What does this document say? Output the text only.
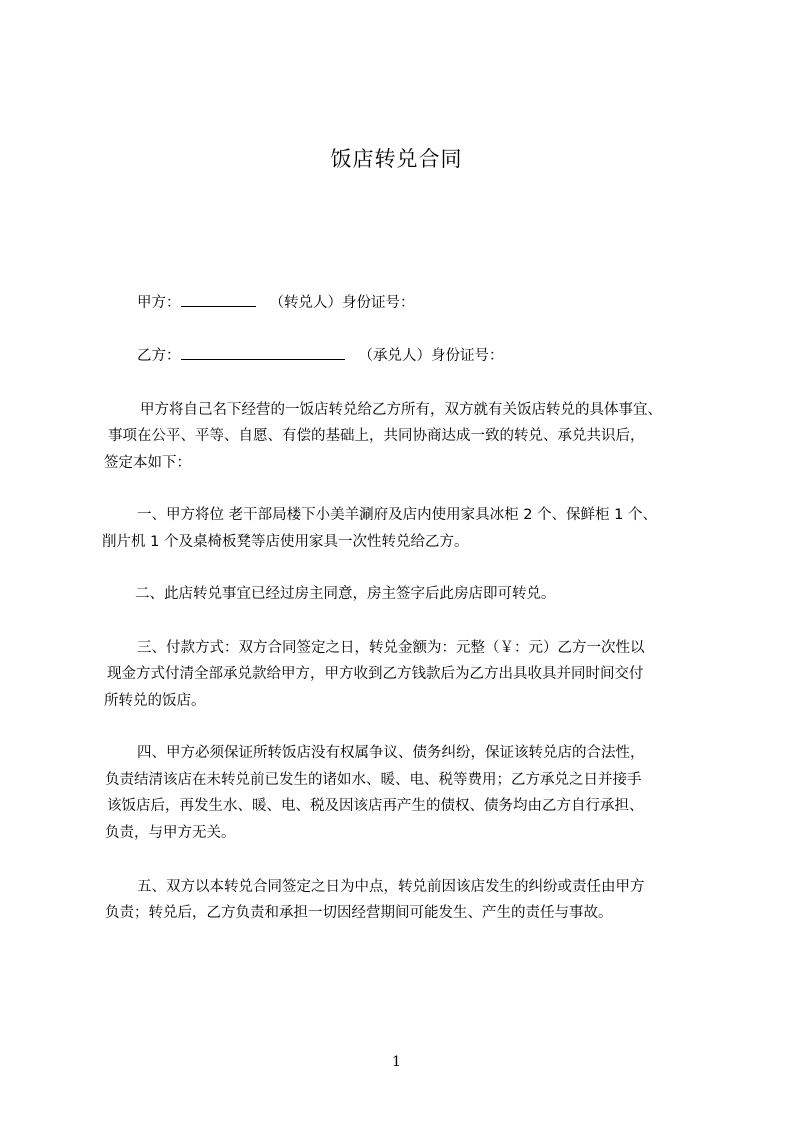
饭店转兑合同
甲方：	（转兑人）身份证号：
乙方：	（承兑人）身份证号：
甲方将自己名下经营的一饭店转兑给乙方所有，双方就有关饭店转兑的具体事宜、
事项在公平、平等、自愿、有偿的基础上，共同协商达成一致的转兑、承兑共识后，
签定本如下：
一、甲方将位 老干部局楼下小美羊涮府及店内使用家具冰柜 2 个、保鲜柜 1 个、
削片机 1 个及桌椅板凳等店使用家具一次性转兑给乙方。
二、此店转兑事宜已经过房主同意，房主签字后此房店即可转兑。
三、付款方式：双方合同签定之日，转兑金额为：元整（￥：元）乙方一次性以
现金方式付清全部承兑款给甲方，甲方收到乙方钱款后为乙方出具收具并同时间交付
所转兑的饭店。
四、甲方必须保证所转饭店没有权属争议、债务纠纷，保证该转兑店的合法性，
负责结清该店在未转兑前已发生的诸如水、暖、电、税等费用；乙方承兑之日并接手
该饭店后，再发生水、暖、电、税及因该店再产生的债权、债务均由乙方自行承担、
负责，与甲方无关。
五、双方以本转兑合同签定之日为中点，转兑前因该店发生的纠纷或责任由甲方
负责；转兑后，乙方负责和承担一切因经营期间可能发生、产生的责任与事故。
1
